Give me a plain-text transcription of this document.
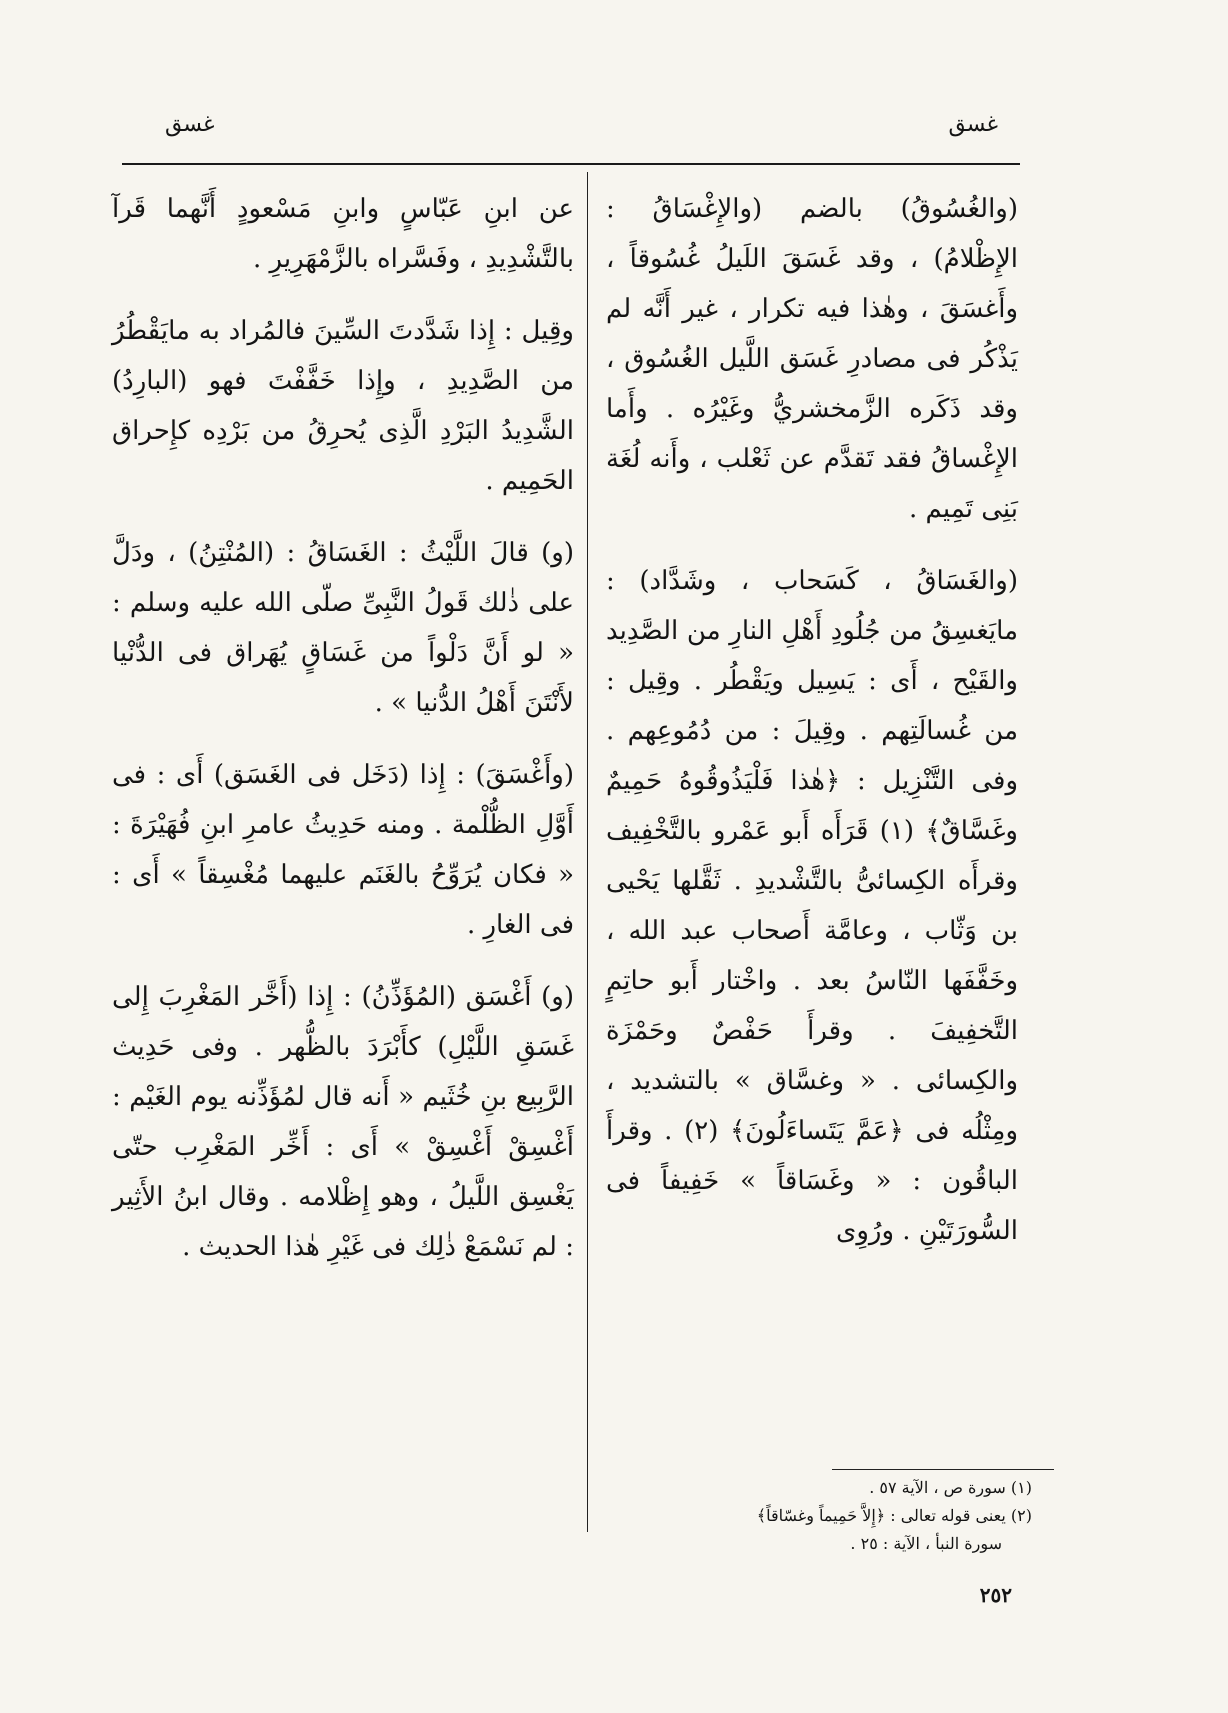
غسق
غسق

(والغُسُوقُ) بالضم (والإِغْسَاقُ : الإِظْلامُ) ، وقد غَسَقَ اللَيلُ غُسُوقاً ، وأَغسَقَ ، وهٰذا فيه تكرار ، غير أَنَّه لم يَذْكُر فى مصادرِ غَسَق اللَّيل الغُسُوق ، وقد ذَكَره الزَّمخشريُّ وغَيْرُه . وأَما الإِغْساقُ فقد تَقدَّم عن ثَعْلب ، وأَنه لُغَة بَنِى تَمِيم .

(والغَسَاقُ ، كَسَحاب ، وشَدَّاد) : مايَغسِقُ من جُلُودِ أَهْلِ النارِ من الصَّدِيد والقَيْح ، أَى : يَسِيل ويَقْطُر . وقِيل : من غُسالَتِهم . وقِيلَ : من دُمُوعِهم . وفى التَّنْزِيل : ﴿هٰذا فَلْيَذُوقُوهُ حَمِيمٌ وغَسَّاقٌ﴾ (١) قَرَأَه أَبو عَمْرو بالتَّخْفِيف وقرأَه الكِسائىُّ بالتَّشْديدِ . ثَقَّلها يَحْيى بن وَثّاب ، وعامَّة أَصحاب عبد الله ، وخَفَّفَها النّاسُ بعد . واخْتار أَبو حاتِمٍ التَّخفِيفَ . وقرأَ حَفْصٌ وحَمْزَة والكِسائى . « وغسَّاق » بالتشديد ، ومِثْلُه فى ﴿عَمَّ يَتَساءَلُونَ﴾ (٢) . وقرأَ الباقُون : « وغَسَاقاً » خَفِيفاً فى السُّورَتَيْنِ . ورُوِى

عن ابنِ عَبّاسٍ وابنِ مَسْعودٍ أَنَّهما قَرآ بالتَّشْدِيدِ ، وفَسَّراه بالزَّمْهَرِيرِ .

وقِيل : إِذا شَدَّدتَ السِّينَ فالمُراد به مايَقْطُرُ من الصَّدِيدِ ، وإِذا خَفَّفْتَ فهو (البارِدُ) الشَّدِيدُ البَرْدِ الَّذِى يُحرِقُ من بَرْدِه كإِحراق الحَمِيم .

(و) قالَ اللَّيْثُ : الغَسَاقُ : (المُنْتِنُ) ، ودَلَّ على ذٰلك قَولُ النَّبِىِّ صلّى الله عليه وسلم : « لو أَنَّ دَلْواً من غَسَاقٍ يُهَراق فى الدُّنْيا لأَنْتَنَ أَهْلُ الدُّنيا » .

(وأَغْسَقَ) : إِذا (دَخَل فى الغَسَق) أَى : فى أَوَّلِ الظُّلْمة . ومنه حَدِيثُ عامرِ ابنِ فُهَيْرَةَ : « فكان يُرَوِّحُ بالغَنَم عليهما مُغْسِقاً » أَى : فى الغارِ .

(و) أَغْسَق (المُؤَذِّنُ) : إِذا (أَخَّر المَغْرِبَ إِلى غَسَقِ اللَّيْلِ) كأَبْرَدَ بالظُّهر . وفى حَدِيث الرَّبِيع بنِ خُثَيم « أَنه قال لمُؤَذِّنه يوم الغَيْم : أَغْسِقْ أَغْسِقْ » أَى : أَخِّر المَغْرِب حتّى يَغْسِق اللَّيلُ ، وهو إِظْلامه . وقال ابنُ الأَثِير : لم نَسْمَعْ ذٰلِك فى غَيْرِ هٰذا الحديث .

(١) سورة ص ، الآية ٥٧ .

(٢) يعنى قوله تعالى : ﴿إِلاَّ حَمِيماً وغسّاقاً﴾

سورة النبأ ، الآية : ٢٥ .

٢٥٢
